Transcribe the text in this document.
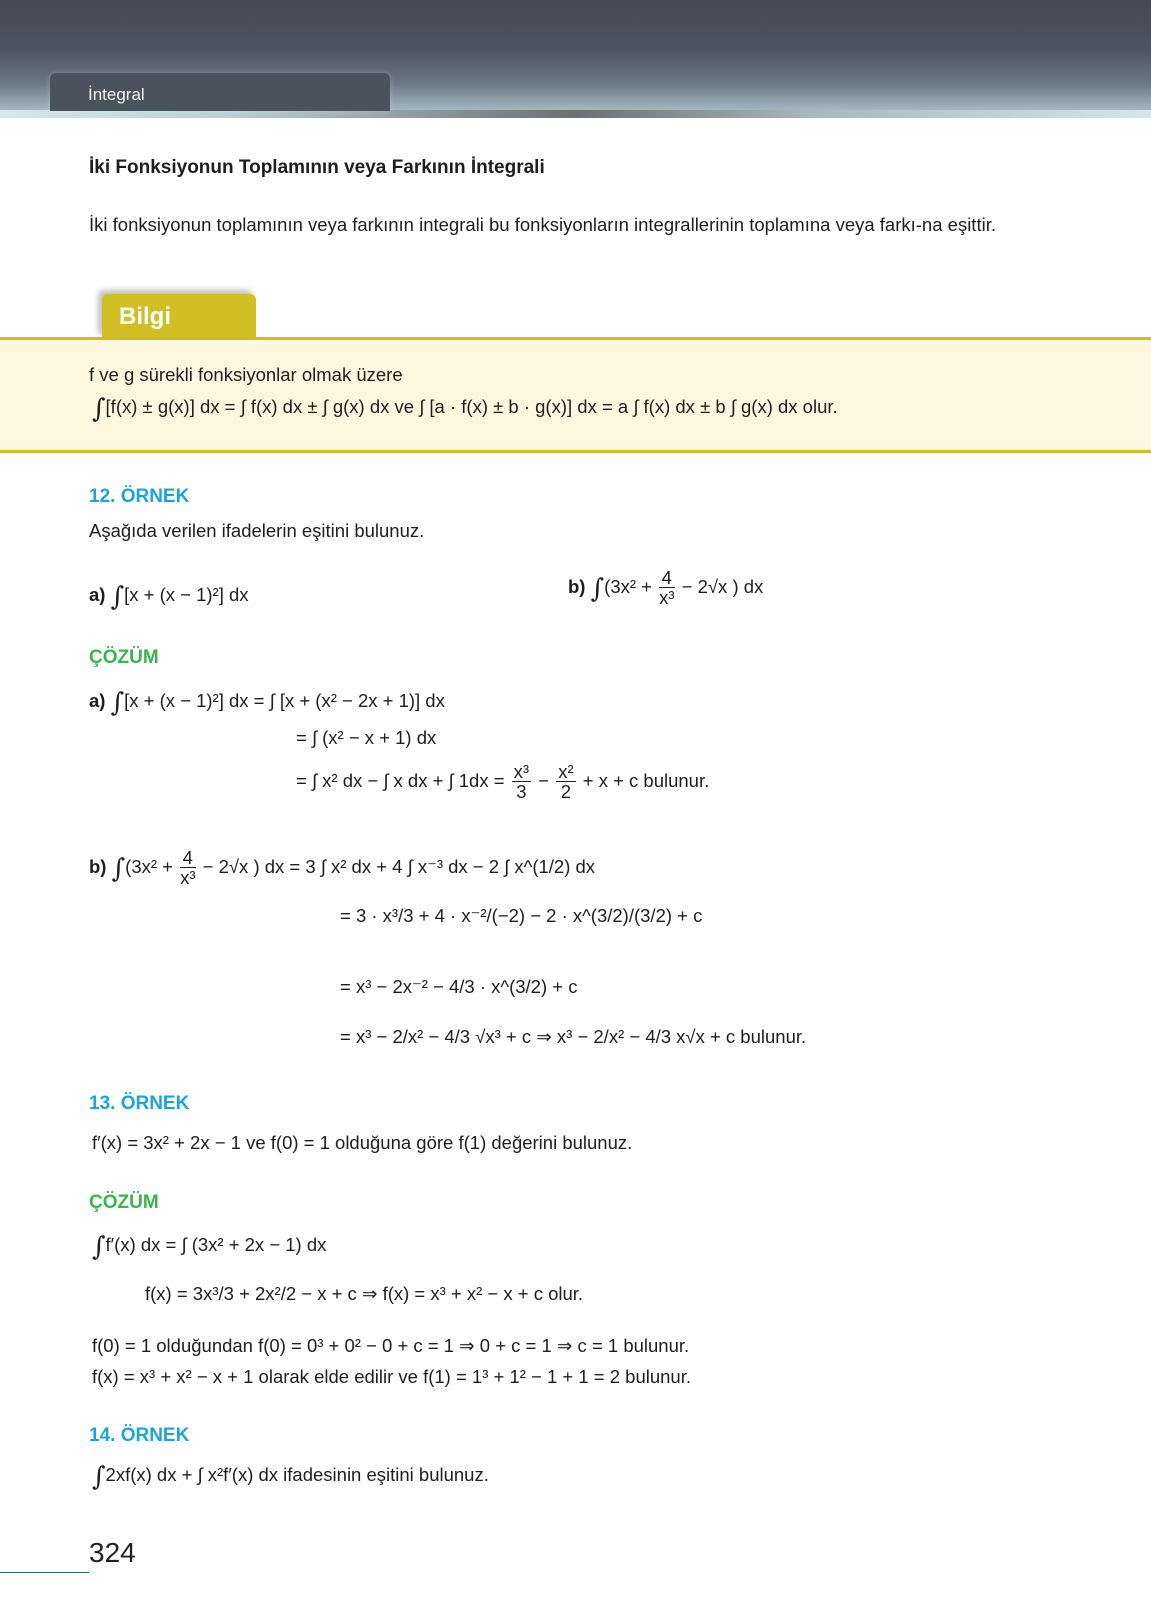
İntegral
İki Fonksiyonun Toplamının veya Farkının İntegrali
İki fonksiyonun toplamının veya farkının integrali bu fonksiyonların integrallerinin toplamına veya farkı-na eşittir.
Bilgi
f ve g sürekli fonksiyonlar olmak üzere
∫[f(x) ± g(x)] dx = ∫ f(x) dx ± ∫ g(x) dx ve ∫ [a · f(x) ± b · g(x)] dx = a ∫ f(x) dx ± b ∫ g(x) dx olur.
12. ÖRNEK
Aşağıda verilen ifadelerin eşitini bulunuz.
a) ∫[x + (x − 1)²] dx	b) $\int(3x^2 + \frac{4}{\text{x³}} - 2√x$ ) dx
ÇÖZÜM
a) ∫[x + (x − 1)²] dx = ∫ [x + (x² − 2x + 1)] dx
= ∫ (x² − x + 1) dx
= ∫ x² dx − ∫ x dx + ∫ $1dx = \frac{\text{x³}}{3} - \frac{\text{x²}}{2} + x + c$ bulunur.
b) $\int(3x^2 + \frac{4}{\text{x³}} - 2√x$ ) dx = 3 ∫ x² dx + 4 ∫ x⁻³ dx − 2 ∫ x^(1/2) dx
= 3 · x³/3 + 4 · x⁻²/(−2) − 2 · x^(3/2)/(3/2) + c
= x³ − 2x⁻² − 4/3 · x^(3/2) + c
= x³ − 2/x² − 4/3 √x³ + c ⇒ x³ − 2/x² − 4/3 x√x + c bulunur.
13. ÖRNEK
f′(x) = 3x² + 2x − 1 ve f(0) = 1 olduğuna göre f(1) değerini bulunuz.
ÇÖZÜM
∫f′(x) dx = ∫ (3x² + 2x − 1) dx
f(x) = 3x³/3 + 2x²/2 − x + c ⇒ f(x) = x³ + x² − x + c olur.
f(0) = 1 olduğundan f(0) = 0³ + 0² − 0 + c = 1 ⇒ 0 + c = 1 ⇒ c = 1 bulunur.
f(x) = x³ + x² − x + 1 olarak elde edilir ve f(1) = 1³ + 1² − 1 + 1 = 2 bulunur.
14. ÖRNEK
∫2xf(x) dx + ∫ x²f′(x) dx ifadesinin eşitini bulunuz.
324
